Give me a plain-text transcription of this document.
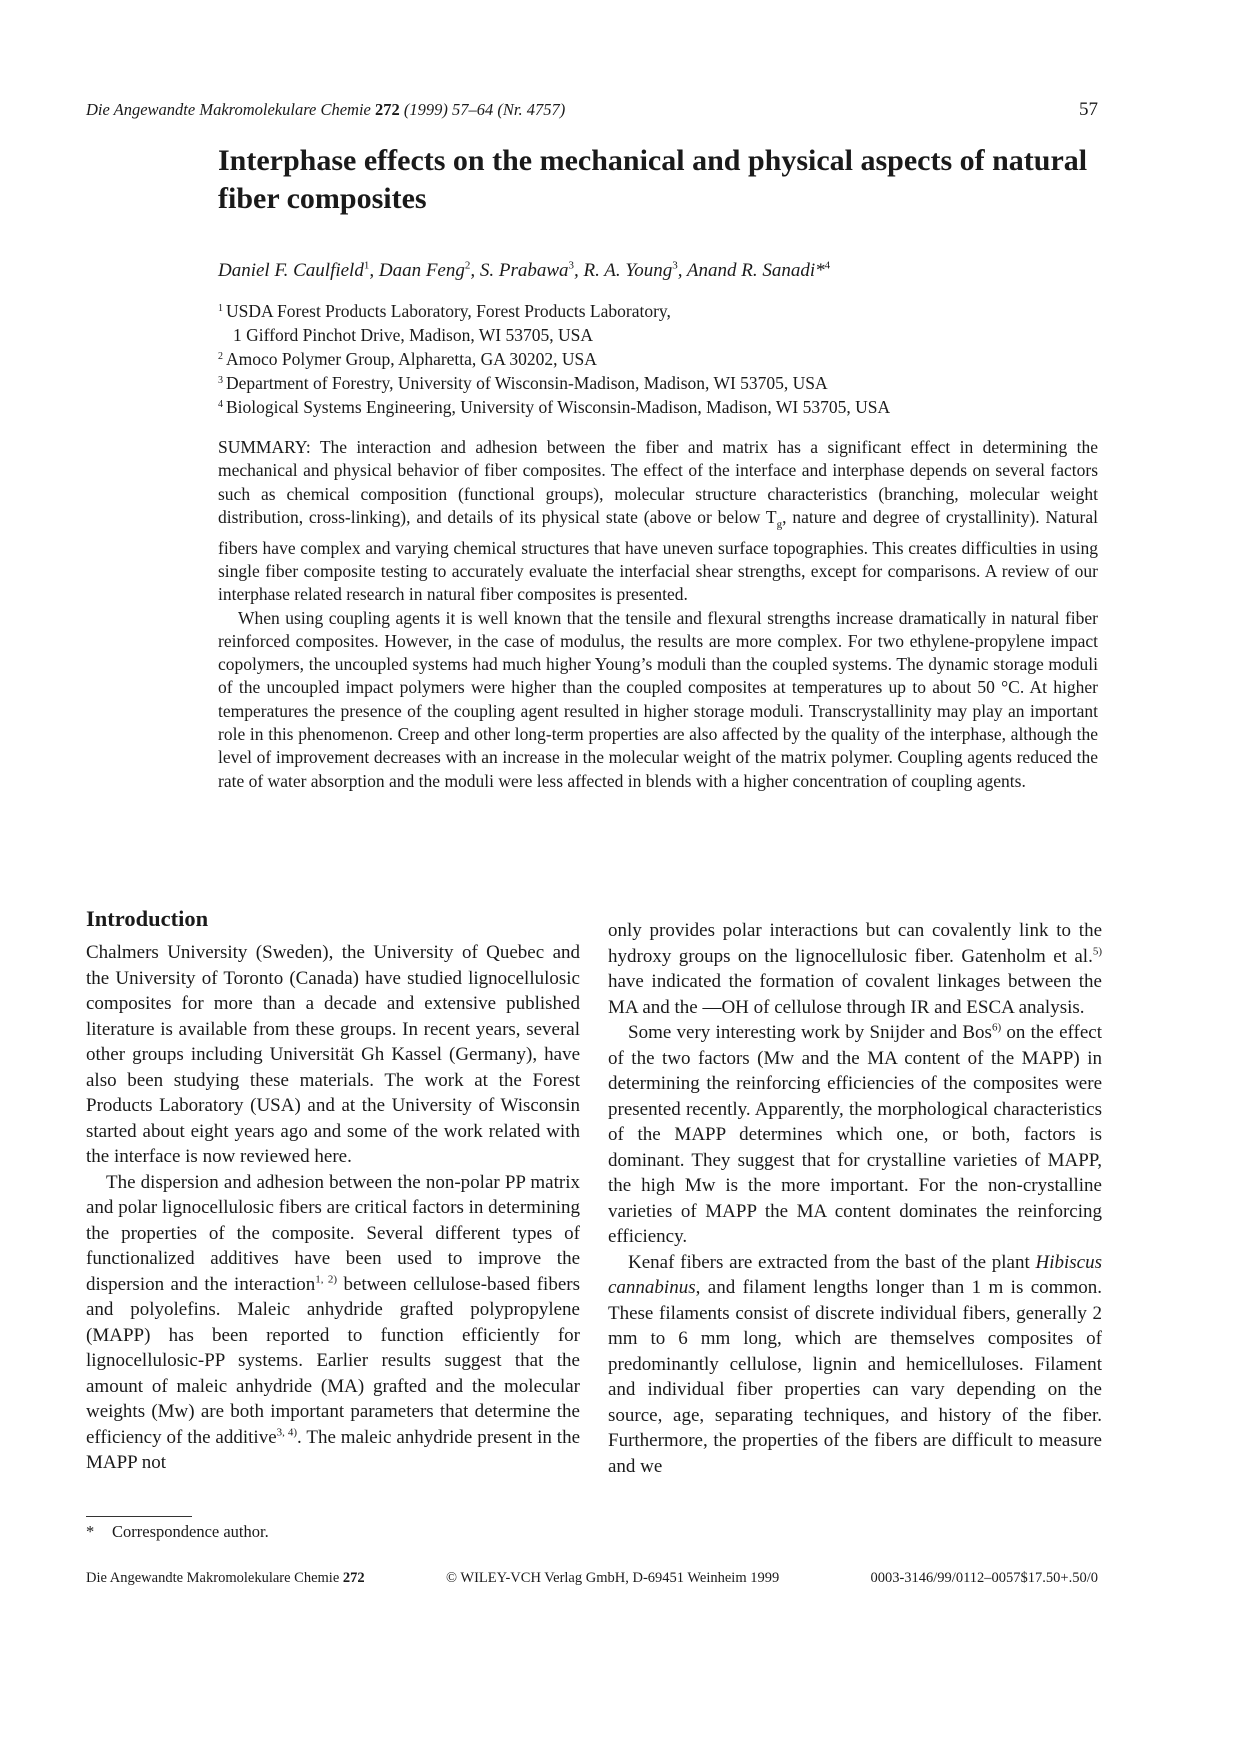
Die Angewandte Makromolekulare Chemie 272 (1999) 57–64 (Nr. 4757)	57
Interphase effects on the mechanical and physical aspects of natural fiber composites
Daniel F. Caulfield$^1$, Daan Feng$^2$, S. Prabawa$^3$, R. A. Young$^3$, Anand R. Sanadi*$^4$
$^1$ USDA Forest Products Laboratory, Forest Products Laboratory,
1 Gifford Pinchot Drive, Madison, WI 53705, USA
$^2$ Amoco Polymer Group, Alpharetta, GA 30202, USA
$^3$ Department of Forestry, University of Wisconsin-Madison, Madison, WI 53705, USA
$^4$ Biological Systems Engineering, University of Wisconsin-Madison, Madison, WI 53705, USA

SUMMARY: The interaction and adhesion between the fiber and matrix has a significant effect in determining the mechanical and physical behavior of fiber composites. The effect of the interface and interphase depends on several factors such as chemical composition (functional groups), molecular structure characteristics (branching, molecular weight distribution, cross-linking), and details of its physical state (above or below $T_g$, nature and degree of crystallinity). Natural fibers have complex and varying chemical structures that have uneven surface topographies. This creates difficulties in using single fiber composite testing to accurately evaluate the interfacial shear strengths, except for comparisons. A review of our interphase related research in natural fiber composites is presented.

When using coupling agents it is well known that the tensile and flexural strengths increase dramatically in natural fiber reinforced composites. However, in the case of modulus, the results are more complex. For two ethylene-propylene impact copolymers, the uncoupled systems had much higher Young’s moduli than the coupled systems. The dynamic storage moduli of the uncoupled impact polymers were higher than the coupled composites at temperatures up to about 50 °C. At higher temperatures the presence of the coupling agent resulted in higher storage moduli. Transcrystallinity may play an important role in this phenomenon. Creep and other long-term properties are also affected by the quality of the interphase, although the level of improvement decreases with an increase in the molecular weight of the matrix polymer. Coupling agents reduced the rate of water absorption and the moduli were less affected in blends with a higher concentration of coupling agents.

Introduction

Chalmers University (Sweden), the University of Quebec and the University of Toronto (Canada) have studied lignocellulosic composites for more than a decade and extensive published literature is available from these groups. In recent years, several other groups including Universität Gh Kassel (Germany), have also been studying these materials. The work at the Forest Products Laboratory (USA) and at the University of Wisconsin started about eight years ago and some of the work related with the interface is now reviewed here.

The dispersion and adhesion between the non-polar PP matrix and polar lignocellulosic fibers are critical factors in determining the properties of the composite. Several different types of functionalized additives have been used to improve the dispersion and the interaction$^{1, 2)}$ between cellulose-based fibers and polyolefins. Maleic anhydride grafted polypropylene (MAPP) has been reported to function efficiently for lignocellulosic-PP systems. Earlier results suggest that the amount of maleic anhydride (MA) grafted and the molecular weights (Mw) are both important parameters that determine the efficiency of the additive$^{3, 4)}$. The maleic anhydride present in the MAPP not

only provides polar interactions but can covalently link to the hydroxy groups on the lignocellulosic fiber. Gatenholm et al.$^{5)}$ have indicated the formation of covalent linkages between the MA and the —OH of cellulose through IR and ESCA analysis.

Some very interesting work by Snijder and Bos$^{6)}$ on the effect of the two factors (Mw and the MA content of the MAPP) in determining the reinforcing efficiencies of the composites were presented recently. Apparently, the morphological characteristics of the MAPP determines which one, or both, factors is dominant. They suggest that for crystalline varieties of MAPP, the high Mw is the more important. For the non-crystalline varieties of MAPP the MA content dominates the reinforcing efficiency.

Kenaf fibers are extracted from the bast of the plant Hibiscus cannabinus, and filament lengths longer than 1 m is common. These filaments consist of discrete individual fibers, generally 2 mm to 6 mm long, which are themselves composites of predominantly cellulose, lignin and hemicelluloses. Filament and individual fiber properties can vary depending on the source, age, separating techniques, and history of the fiber. Furthermore, the properties of the fibers are difficult to measure and we

* Correspondence author.
Die Angewandte Makromolekulare Chemie 272	© WILEY-VCH Verlag GmbH, D-69451 Weinheim 1999	0003-3146/99/0112–0057$17.50+.50/0
